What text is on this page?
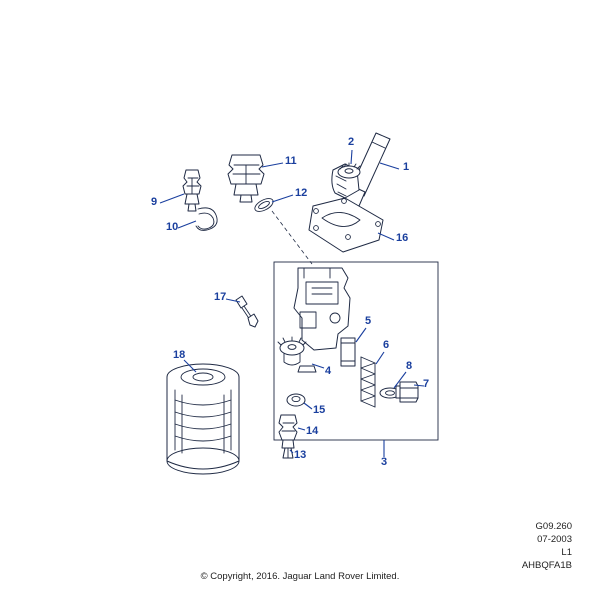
1
2
3
4
5
6
7
8
9
10
11
12
13
14
15
16
17
18
G09.260
07-2003
L1
AHBQFA1B
© Copyright, 2016. Jaguar Land Rover Limited.
